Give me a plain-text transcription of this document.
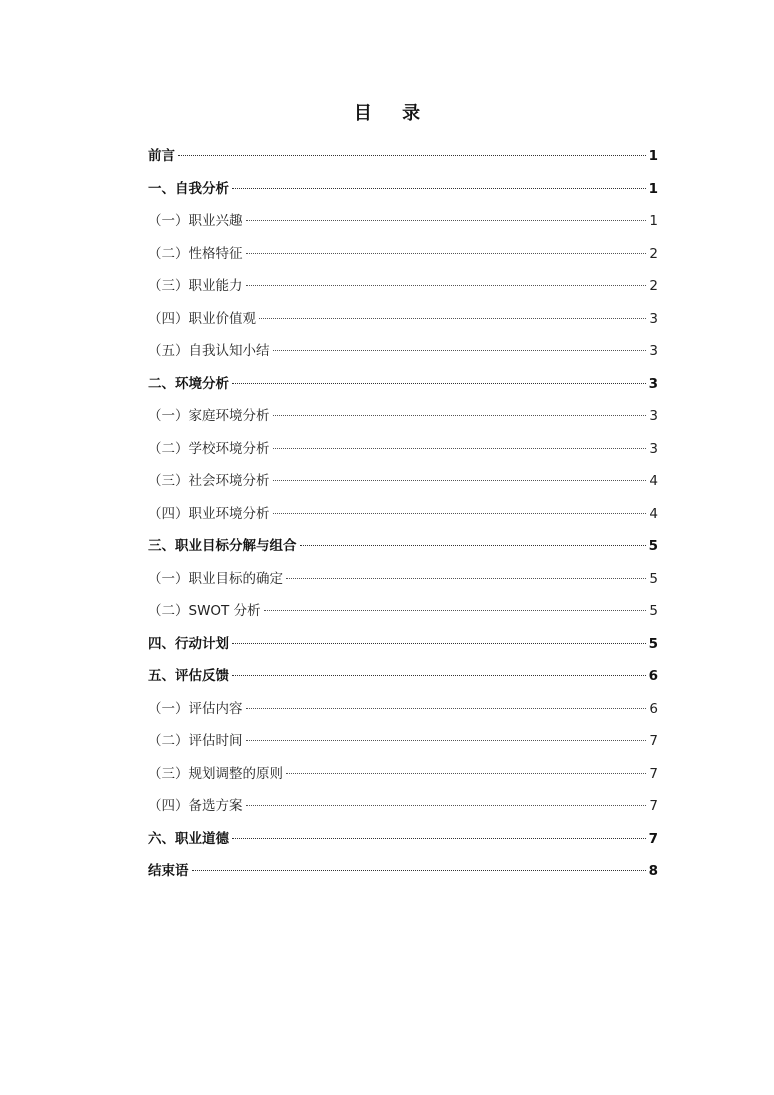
目 录
前言	1
一、自我分析	1
（一）职业兴趣	1
（二）性格特征	2
（三）职业能力	2
（四）职业价值观	3
（五）自我认知小结	3
二、环境分析	3
（一）家庭环境分析	3
（二）学校环境分析	3
（三）社会环境分析	4
（四）职业环境分析	4
三、职业目标分解与组合	5
（一）职业目标的确定	5
（二）SWOT 分析	5
四、行动计划	5
五、评估反馈	6
（一）评估内容	6
（二）评估时间	7
（三）规划调整的原则	7
（四）备选方案	7
六、职业道德	7
结束语	8
